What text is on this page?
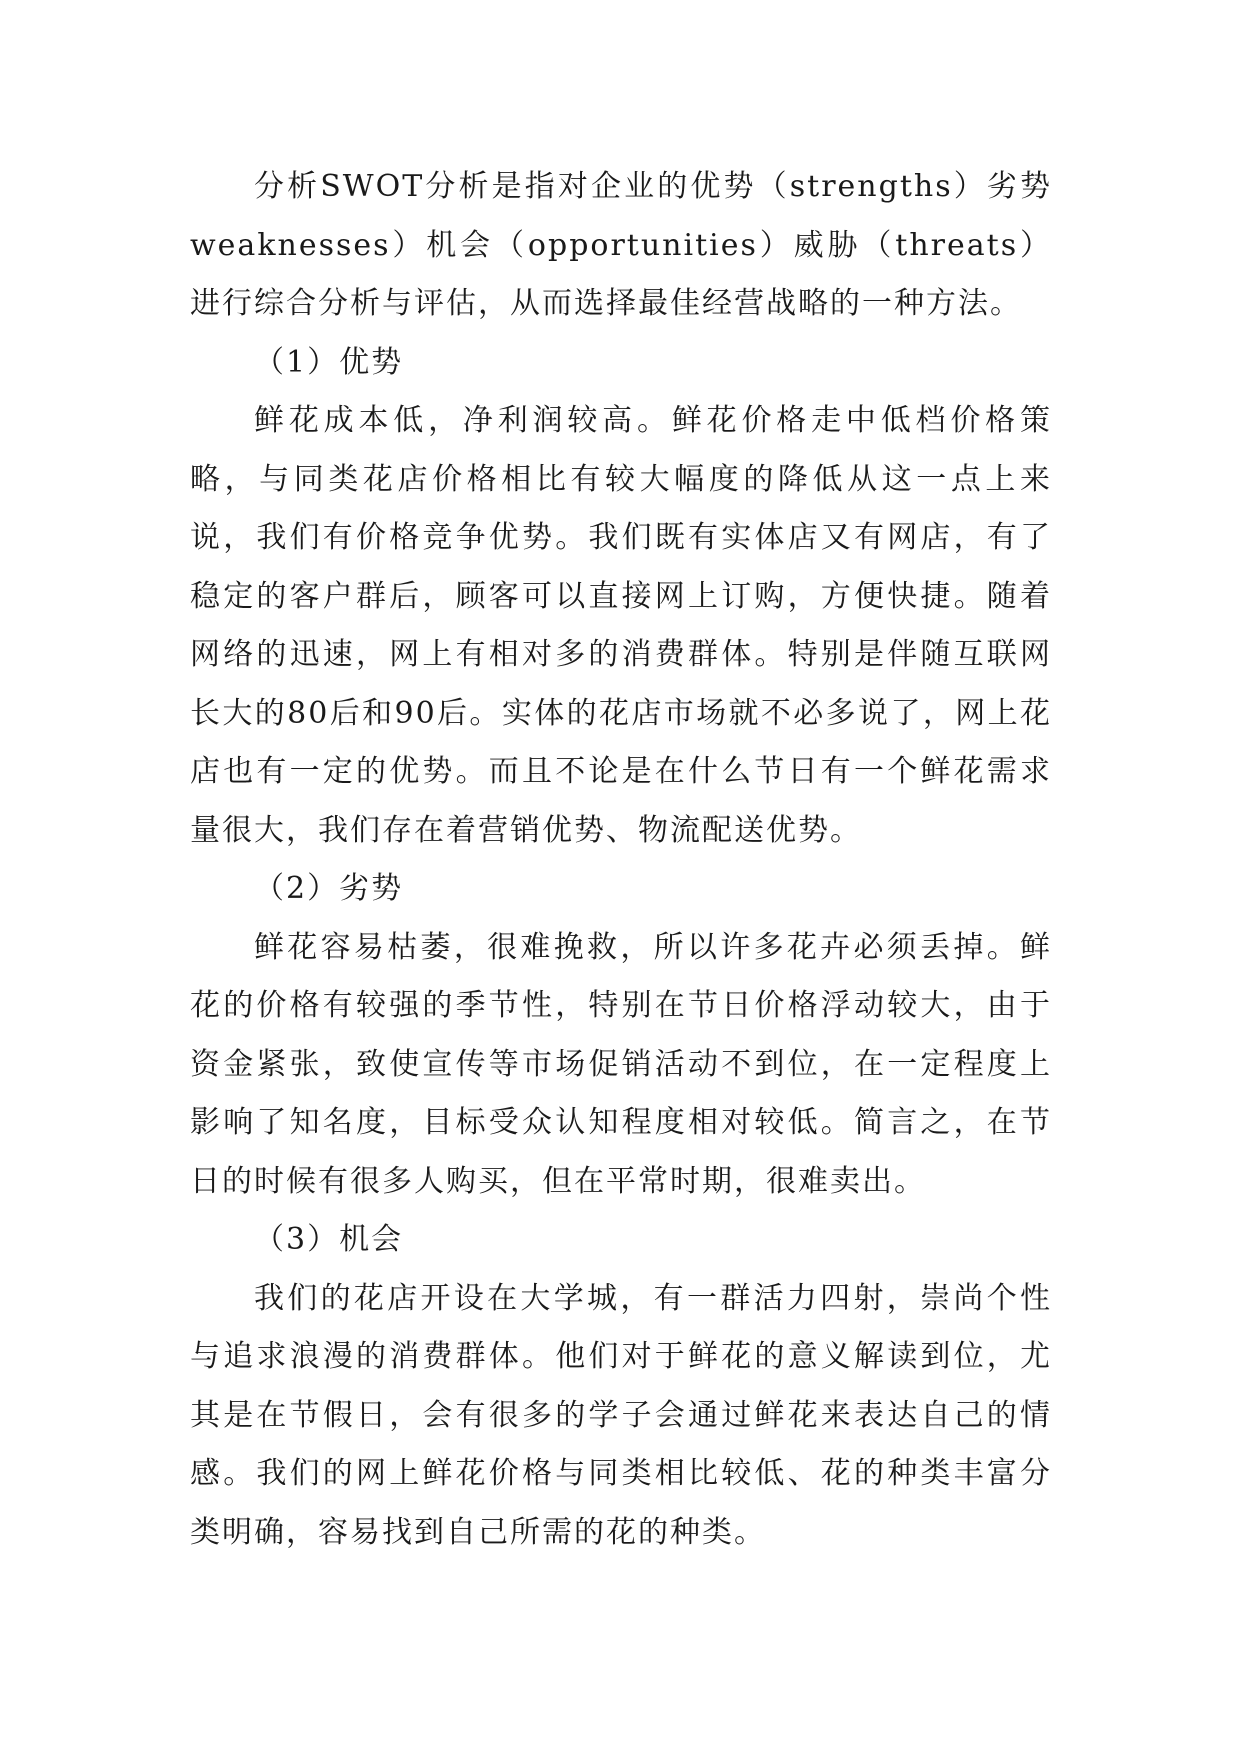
分析SWOT分析是指对企业的优势（strengths）劣势weaknesses）机会（opportunities）威胁（threats）进行综合分析与评估，从而选择最佳经营战略的一种方法。

（1）优势

鲜花成本低，净利润较高。鲜花价格走中低档价格策略，与同类花店价格相比有较大幅度的降低从这一点上来说，我们有价格竞争优势。我们既有实体店又有网店，有了稳定的客户群后，顾客可以直接网上订购，方便快捷。随着网络的迅速，网上有相对多的消费群体。特别是伴随互联网长大的80后和90后。实体的花店市场就不必多说了，网上花店也有一定的优势。而且不论是在什么节日有一个鲜花需求量很大，我们存在着营销优势、物流配送优势。

（2）劣势

鲜花容易枯萎，很难挽救，所以许多花卉必须丢掉。鲜花的价格有较强的季节性，特别在节日价格浮动较大，由于资金紧张，致使宣传等市场促销活动不到位，在一定程度上影响了知名度，目标受众认知程度相对较低。简言之，在节日的时候有很多人购买，但在平常时期，很难卖出。

（3）机会

我们的花店开设在大学城，有一群活力四射，崇尚个性与追求浪漫的消费群体。他们对于鲜花的意义解读到位，尤其是在节假日，会有很多的学子会通过鲜花来表达自己的情感。我们的网上鲜花价格与同类相比较低、花的种类丰富分类明确，容易找到自己所需的花的种类。
